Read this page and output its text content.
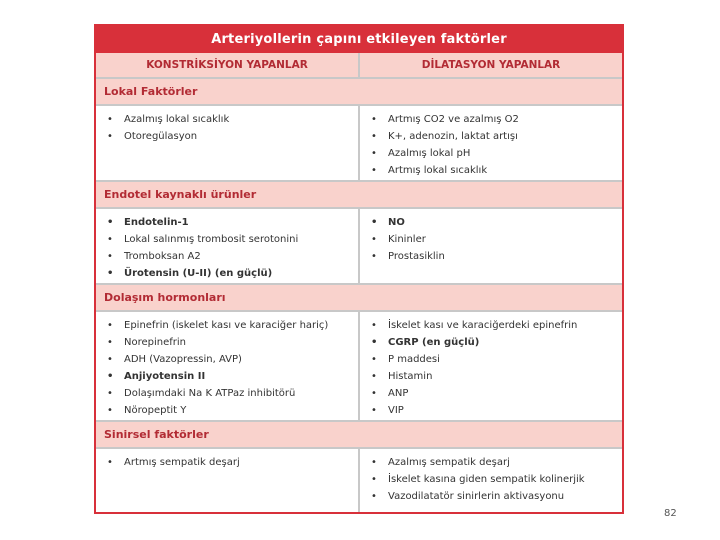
Arteriyollerin çapını etkileyen faktörler
KONSTRİKSİYON YAPANLAR	DİLATASYON YAPANLAR
Lokal Faktörler
• Azalmış lokal sıcaklık
• Otoregülasyon
• Artmış CO2 ve azalmış O2
• K+, adenozin, laktat artışı
• Azalmış lokal pH
• Artmış lokal sıcaklık
Endotel kaynaklı ürünler
• Endotelin-1
• Lokal salınmış trombosit serotonini
• Tromboksan A2
• Ürotensin (U-II) (en güçlü)
• NO
• Kininler
• Prostasiklin
Dolaşım hormonları
• Epinefrin (iskelet kası ve karaciğer hariç)
• Norepinefrin
• ADH (Vazopressin, AVP)
• Anjiyotensin II
• Dolaşımdaki Na K ATPaz inhibitörü
• Nöropeptit Y
• İskelet kası ve karaciğerdeki epinefrin
• CGRP (en güçlü)
• P maddesi
• Histamin
• ANP
• VIP
Sinirsel faktörler
• Artmış sempatik deşarj
•	Azalmış sempatik deşarj
• İskelet kasına giden sempatik kolinerjik
• Vazodilatatör sinirlerin aktivasyonu
82
